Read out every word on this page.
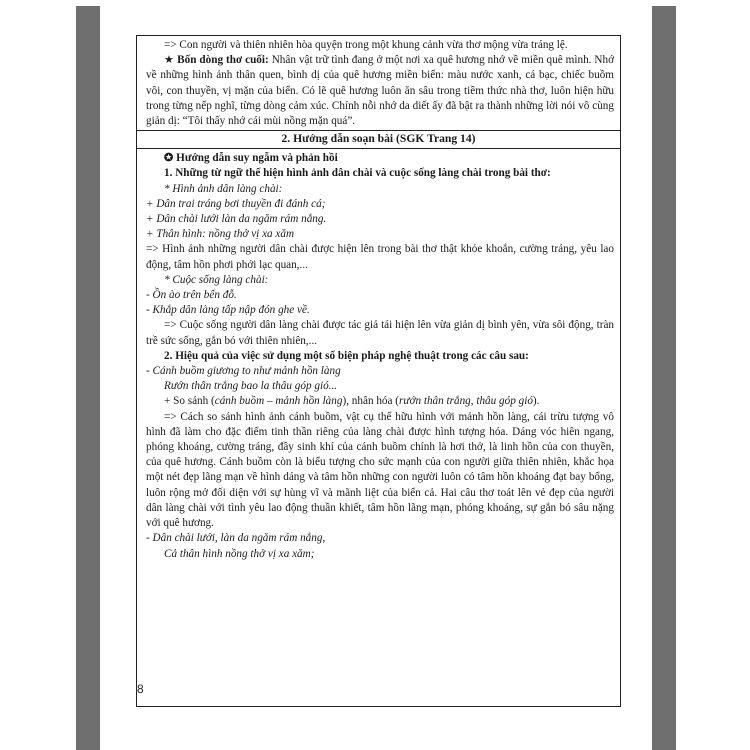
=> Con người và thiên nhiên hòa quyện trong một khung cảnh vừa thơ mộng vừa tráng lệ.

★ Bốn dòng thơ cuối: Nhân vật trữ tình đang ở một nơi xa quê hương nhớ về miền quê mình. Nhớ về những hình ảnh thân quen, bình dị của quê hương miền biển: màu nước xanh, cá bạc, chiếc buồm vôi, con thuyền, vị mặn của biển. Có lẽ quê hương luôn ăn sâu trong tiềm thức nhà thơ, luôn hiện hữu trong từng nếp nghĩ, từng dòng cảm xúc. Chính nỗi nhớ da diết ấy đã bật ra thành những lời nói vô cùng giản dị: “Tôi thấy nhớ cái mùi nồng mặn quá”.

2. Hướng dẫn soạn bài (SGK Trang 14)

✪ Hướng dẫn suy ngẫm và phản hồi

1. Những từ ngữ thể hiện hình ảnh dân chài và cuộc sống làng chài trong bài thơ:

* Hình ảnh dân làng chài:

+ Dân trai tráng bơi thuyền đi đánh cá;

+ Dân chài lưới làn da ngăm rám nắng.

+ Thân hình: nồng thở vị xa xăm

=> Hình ảnh những người dân chài được hiện lên trong bài thơ thật khỏe khoắn, cường tráng, yêu lao động, tâm hồn phơi phới lạc quan,...

* Cuộc sống làng chài:

- Ồn ào trên bến đỗ.

- Khắp dân làng tấp nập đón ghe về.

=> Cuộc sống người dân làng chài được tác giả tái hiện lên vừa giản dị bình yên, vừa sôi động, tràn trề sức sống, gắn bó với thiên nhiên,...

2. Hiệu quả của việc sử dụng một số biện pháp nghệ thuật trong các câu sau:

- Cánh buồm giương to như mảnh hồn làng

Rướn thân trắng bao la thâu góp gió...

+ So sánh (cánh buồm – mảnh hồn làng), nhân hóa (rướn thân trắng, thâu góp gió).

=> Cách so sánh hình ảnh cánh buồm, vật cụ thể hữu hình với mảnh hồn làng, cái trừu tượng vô hình đã làm cho đặc điểm tinh thần riêng của làng chài được hình tượng hóa. Dáng vóc hiên ngang, phóng khoáng, cường tráng, đầy sinh khí của cánh buồm chính là hơi thở, là linh hồn của con thuyền, của quê hương. Cánh buồm còn là biểu tượng cho sức mạnh của con người giữa thiên nhiên, khắc họa một nét đẹp lãng mạn về hình dáng và tâm hồn những con người luôn có tâm hồn khoáng đạt bay bổng, luôn rộng mở đối diện với sự hùng vĩ và mãnh liệt của biển cả. Hai câu thơ toát lên vẻ đẹp của người dân làng chài với tình yêu lao động thuần khiết, tâm hồn lãng mạn, phóng khoáng, sự gắn bó sâu nặng với quê hương.

- Dân chài lưới, làn da ngăm rám nắng,

Cả thân hình nồng thở vị xa xăm;

8
